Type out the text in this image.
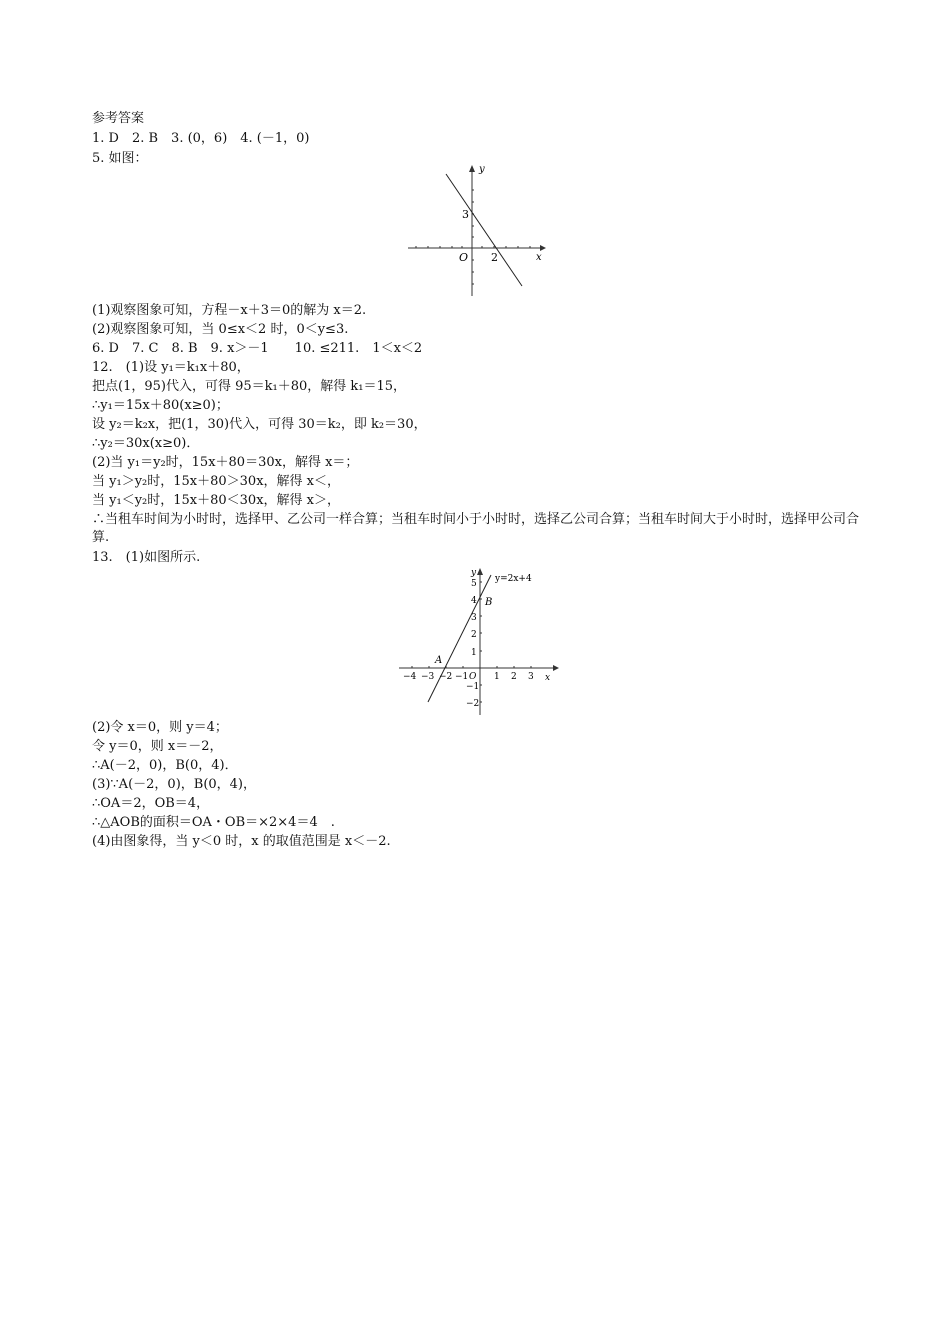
参考答案
1. D　2. B　3. (0，6)　4. (－1，0)
5. 如图：
y
x
O
3
2
(1)观察图象可知，方程－x＋3＝0的解为 x＝2.
(2)观察图象可知，当 0≤x＜2 时，0＜y≤3.
6. D　7. C　8. B　9. x＞－1　　10. ≤211.　1＜x＜2
12.　(1)设 y₁＝k₁x＋80，
把点(1，95)代入，可得 95＝k₁＋80，解得 k₁＝15，
∴y₁＝15x＋80(x≥0)；
设 y₂＝k₂x，把(1，30)代入，可得 30＝k₂，即 k₂＝30，
∴y₂＝30x(x≥0)．
(2)当 y₁＝y₂时，15x＋80＝30x，解得 x＝；
当 y₁＞y₂时，15x＋80＞30x，解得 x＜，
当 y₁＜y₂时，15x＋80＜30x，解得 x＞，
∴当租车时间为小时时，选择甲、乙公司一样合算；当租车时间小于小时时，选择乙公司合算；当租车时间大于小时时，选择甲公司合算.
13.　(1)如图所示.
y=2x+4
y
x
B
A
5
4
3
2
1
−1
−2
−4 −3 −2 −1 O 1 2 3
(2)令 x＝0，则 y＝4；
令 y＝0，则 x＝－2，
∴A(－2，0)，B(0，4)．
(3)∵A(－2，0)，B(0，4)，
∴OA＝2，OB＝4，
∴△AOB的面积＝OA・OB＝×2×4＝4　.
(4)由图象得，当 y＜0 时，x 的取值范围是 x＜－2.
